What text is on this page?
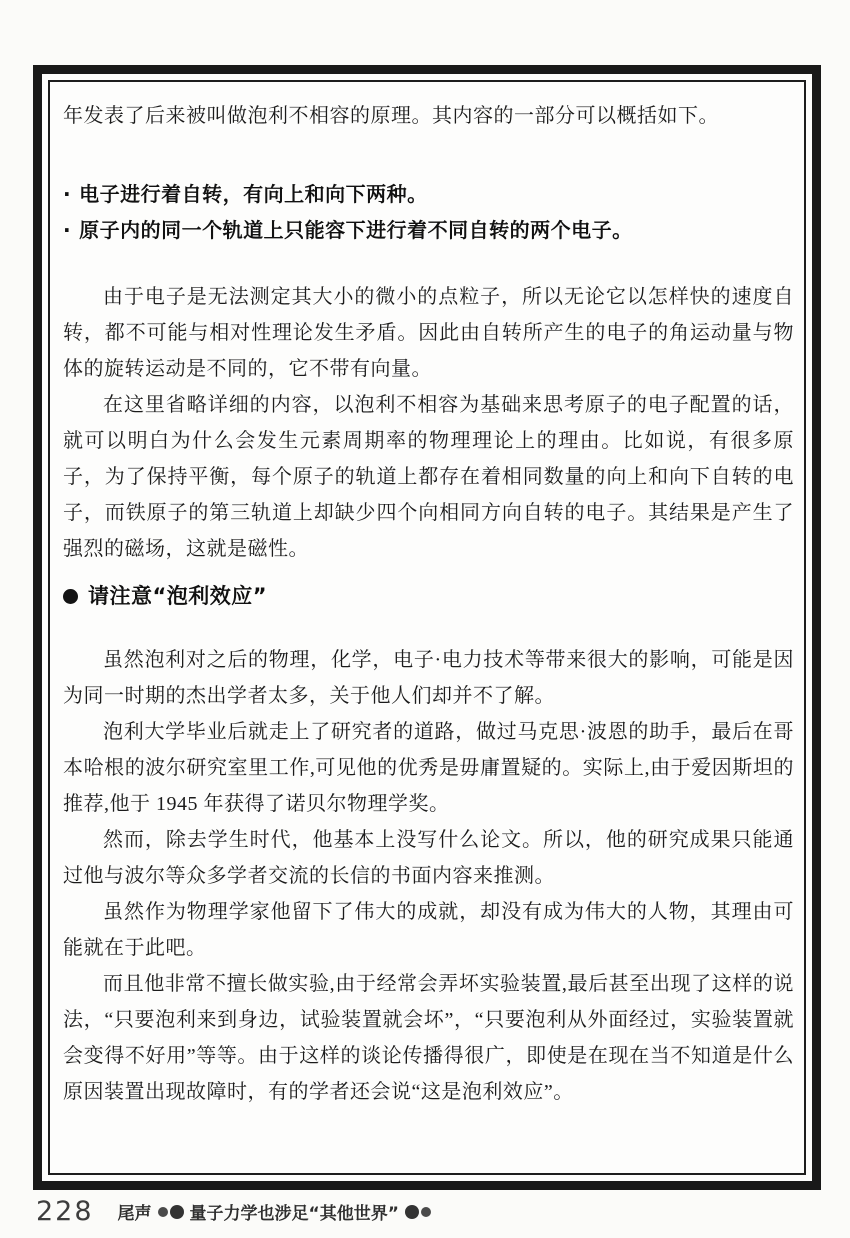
年发表了后来被叫做泡利不相容的原理。其内容的一部分可以概括如下。

· 电子进行着自转，有向上和向下两种。
· 原子内的同一个轨道上只能容下进行着不同自转的两个电子。

由于电子是无法测定其大小的微小的点粒子，所以无论它以怎样快的速度自转，都不可能与相对性理论发生矛盾。因此由自转所产生的电子的角运动量与物体的旋转运动是不同的，它不带有向量。

在这里省略详细的内容，以泡利不相容为基础来思考原子的电子配置的话，就可以明白为什么会发生元素周期率的物理理论上的理由。比如说，有很多原子，为了保持平衡，每个原子的轨道上都存在着相同数量的向上和向下自转的电子，而铁原子的第三轨道上却缺少四个向相同方向自转的电子。其结果是产生了强烈的磁场，这就是磁性。

请注意“泡利效应”

虽然泡利对之后的物理，化学，电子·电力技术等带来很大的影响，可能是因为同一时期的杰出学者太多，关于他人们却并不了解。

泡利大学毕业后就走上了研究者的道路，做过马克思·波恩的助手，最后在哥本哈根的波尔研究室里工作,可见他的优秀是毋庸置疑的。实际上,由于爱因斯坦的推荐,他于 1945 年获得了诺贝尔物理学奖。

然而，除去学生时代，他基本上没写什么论文。所以，他的研究成果只能通过他与波尔等众多学者交流的长信的书面内容来推测。

虽然作为物理学家他留下了伟大的成就，却没有成为伟大的人物，其理由可能就在于此吧。

而且他非常不擅长做实验,由于经常会弄坏实验装置,最后甚至出现了这样的说法，“只要泡利来到身边，试验装置就会坏”，“只要泡利从外面经过，实验装置就会变得不好用”等等。由于这样的谈论传播得很广，即使是在现在当不知道是什么原因装置出现故障时，有的学者还会说“这是泡利效应”。

228 尾声 量子力学也涉足“其他世界”
